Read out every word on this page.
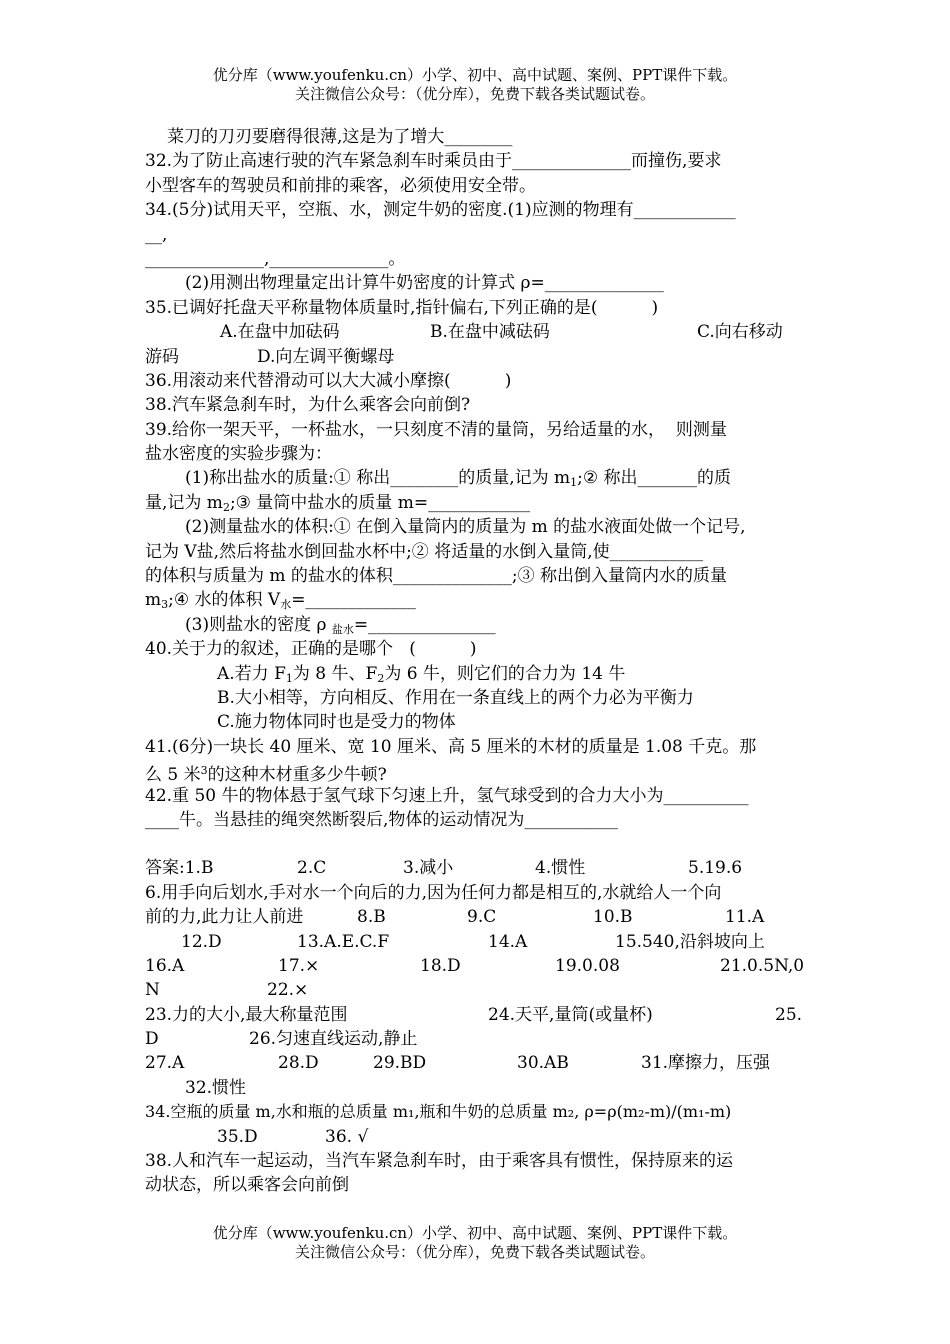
优分库（www.youfenku.cn）小学、初中、高中试题、案例、PPT课件下载。
关注微信公众号：（优分库），免费下载各类试题试卷。
菜刀的刀刃要磨得很薄,这是为了增大________
32.为了防止高速行驶的汽车紧急刹车时乘员由于______________而撞伤,要求
小型客车的驾驶员和前排的乘客，必须使用安全带。
34.(5分)试用天平，空瓶、水，测定牛奶的密度.(1)应测的物理有____________
__,
______________,______________。
(2)用测出物理量定出计算牛奶密度的计算式 ρ=______________
35.已调好托盘天平称量物体质量时,指针偏右,下列正确的是(          )
A.在盘中加砝码	B.在盘中减砝码	C.向右移动
游码	D.向左调平衡螺母
36.用滚动来代替滑动可以大大减小摩擦(          )
38.汽车紧急刹车时，为什么乘客会向前倒?
39.给你一架天平，一杯盐水，一只刻度不清的量筒，另给适量的水，  则测量
盐水密度的实验步骤为：
(1)称出盐水的质量:① 称出________的质量,记为 $m_1;②$ 称出_______的质
量,记为 $m_2;③$ 量筒中盐水的质量 m=____________
(2)测量盐水的体积:① 在倒入量筒内的质量为 m 的盐水液面处做一个记号,
记为 V盐,然后将盐水倒回盐水杯中;② 将适量的水倒入量筒,使___________
的体积与质量为 m 的盐水的体积______________;③ 称出倒入量筒内水的质量
$m_3;④$ 水的体积 $V_水=\_\_\_\_\_\_\_\_\_\_\_\_\_$
(3)则盐水的密度 ρ $_{盐水}$=_______________
40.关于力的叙述，正确的是哪个   (          )
A.若力 $F_1$为 8 牛、$F_2$为 6 牛，则它们的合力为 14 牛
B.大小相等，方向相反、作用在一条直线上的两个力必为平衡力
C.施力物体同时也是受力的物体
41.(6分)一块长 40 厘米、宽 10 厘米、高 5 厘米的木材的质量是 1.08 千克。那
么 5 米$^3$的这种木材重多少牛顿?
42.重 50 牛的物体悬于氢气球下匀速上升，氢气球受到的合力大小为__________
____牛。当悬挂的绳突然断裂后,物体的运动情况为___________
答案:1.B	2.C	3.减小	4.惯性	5.19.6
6.用手向后划水,手对水一个向后的力,因为任何力都是相互的,水就给人一个向
前的力,此力让人前进	8.B	9.C	10.B	11.A
12.D	13.A.E.C.F	14.A	15.540,沿斜坡向上
16.A	17.×	18.D	19.0.08	21.0.5N,0
N	22.×
23.力的大小,最大称量范围	24.天平,量筒(或量杯)	25.
D	26.匀速直线运动,静止
27.A	28.D	29.BD	30.AB	31.摩擦力，压强
32.惯性
34.空瓶的质量 m,水和瓶的总质量 m₁,瓶和牛奶的总质量 m₂, ρ=ρ(m₂-m)/(m₁-m)
35.D	36. √
38.人和汽车一起运动，当汽车紧急刹车时，由于乘客具有惯性，保持原来的运
动状态，所以乘客会向前倒
优分库（www.youfenku.cn）小学、初中、高中试题、案例、PPT课件下载。
关注微信公众号：（优分库），免费下载各类试题试卷。
